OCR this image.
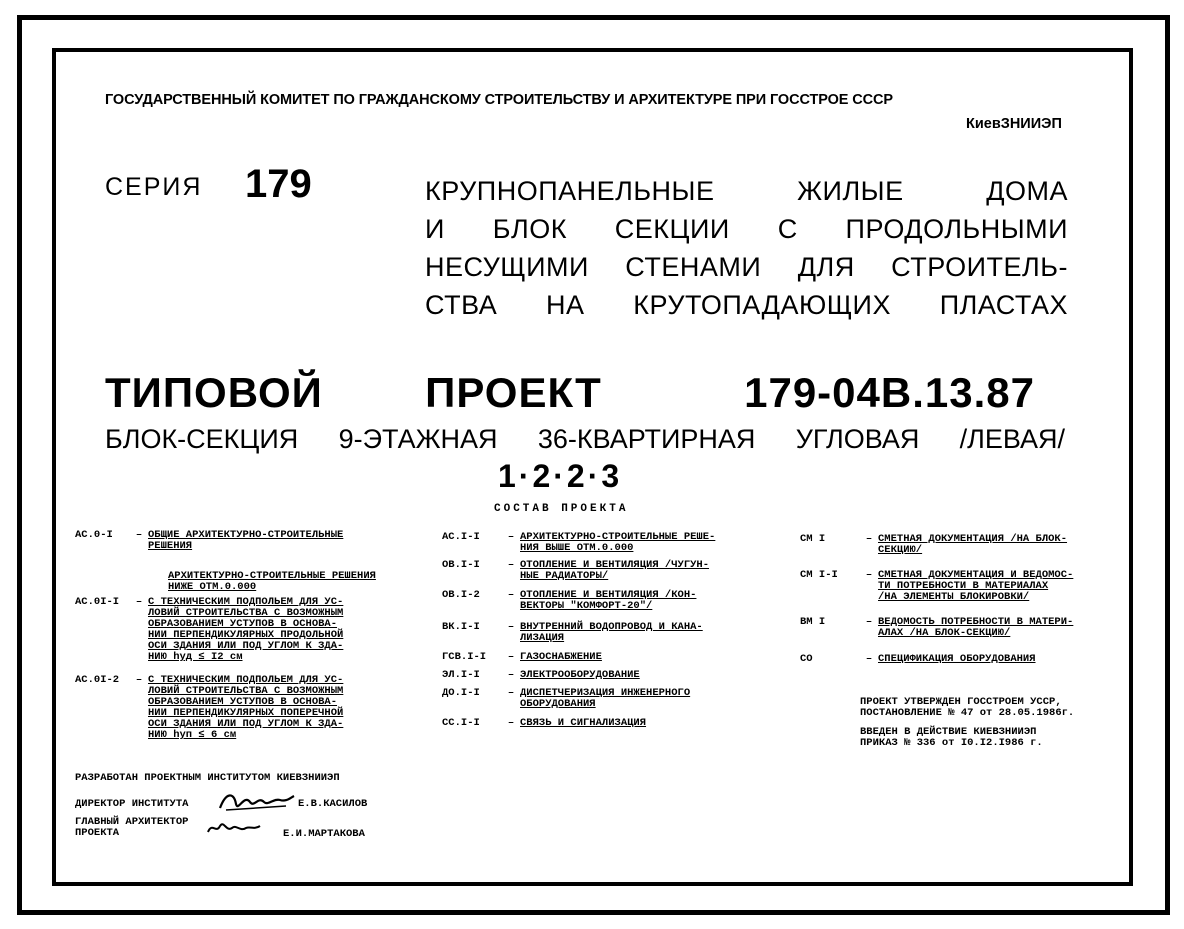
ГОСУДАРСТВЕННЫЙ КОМИТЕТ ПО ГРАЖДАНСКОМУ СТРОИТЕЛЬСТВУ И АРХИТЕКТУРЕ ПРИ ГОССТРОЕ СССР
КиевЗНИИЭП
СЕРИЯ 179	КРУПНОПАНЕЛЬНЫЕ	ЖИЛЫЕ	ДОМА
И БЛОК СЕКЦИИ С ПРОДОЛЬНЫМИ
НЕСУЩИМИ СТЕНАМИ ДЛЯ СТРОИТЕЛЬ-
СТВА НА КРУТОПАДАЮЩИХ ПЛАСТАХ
ТИПОВОЙ ПРОЕКТ	179-04В.13.87
БЛОК-СЕКЦИЯ 9-ЭТАЖНАЯ 36-КВАРТИРНАЯ УГЛОВАЯ /ЛЕВАЯ/
1·2·2·3
СОСТАВ ПРОЕКТА
АС.0-I	– ОБЩИЕ АРХИТЕКТУРНО-СТРОИТЕЛЬНЫЕ
РЕШЕНИЯ
АРХИТЕКТУРНО-СТРОИТЕЛЬНЫЕ РЕШЕНИЯ
НИЖЕ ОТМ.0.000
АС.0I-I	– С ТЕХНИЧЕСКИМ ПОДПОЛЬЕМ ДЛЯ УС-
ЛОВИЙ СТРОИТЕЛЬСТВА С ВОЗМОЖНЫМ
ОБРАЗОВАНИЕМ УСТУПОВ В ОСНОВА-
НИИ ПЕРПЕНДИКУЛЯРНЫХ ПРОДОЛЬНОЙ
ОСИ ЗДАНИЯ ИЛИ ПОД УГЛОМ К ЗДА-
НИЮ hуд ≤ I2 см
АС.0I-2	– С ТЕХНИЧЕСКИМ ПОДПОЛЬЕМ ДЛЯ УС-
ЛОВИЙ СТРОИТЕЛЬСТВА С ВОЗМОЖНЫМ
ОБРАЗОВАНИЕМ УСТУПОВ В ОСНОВА-
НИИ ПЕРПЕНДИКУЛЯРНЫХ ПОПЕРЕЧНОЙ
ОСИ ЗДАНИЯ ИЛИ ПОД УГЛОМ К ЗДА-
НИЮ hуп ≤ 6 см
АС.I-I	– АРХИТЕКТУРНО-СТРОИТЕЛЬНЫЕ РЕШЕ-
НИЯ ВЫШЕ ОТМ.0.000
ОВ.I-I	– ОТОПЛЕНИЕ И ВЕНТИЛЯЦИЯ /ЧУГУН-
НЫЕ РАДИАТОРЫ/
ОВ.I-2	– ОТОПЛЕНИЕ И ВЕНТИЛЯЦИЯ /КОН-
ВЕКТОРЫ "КОМФОРТ-20"/
ВК.I-I	– ВНУТРЕННИЙ ВОДОПРОВОД И КАНА-
ЛИЗАЦИЯ
ГСВ.I-I	– ГАЗОСНАБЖЕНИЕ
ЭЛ.I-I	– ЭЛЕКТРООБОРУДОВАНИЕ
ДО.I-I	– ДИСПЕТЧЕРИЗАЦИЯ ИНЖЕНЕРНОГО
ОБОРУДОВАНИЯ
СС.I-I	– СВЯЗЬ И СИГНАЛИЗАЦИЯ
СМ I	– СМЕТНАЯ ДОКУМЕНТАЦИЯ /НА БЛОК-
СЕКЦИЮ/
СМ I-I	– СМЕТНАЯ ДОКУМЕНТАЦИЯ И ВЕДОМОС-
ТИ ПОТРЕБНОСТИ В МАТЕРИАЛАХ
/НА ЭЛЕМЕНТЫ БЛОКИРОВКИ/
ВМ I	– ВЕДОМОСТЬ ПОТРЕБНОСТИ В МАТЕРИ-
АЛАХ /НА БЛОК-СЕКЦИЮ/
СО	– СПЕЦИФИКАЦИЯ ОБОРУДОВАНИЯ
ПРОЕКТ УТВЕРЖДЕН ГОССТРОЕМ УССР,
ПОСТАНОВЛЕНИЕ № 47 от 28.05.1986г.
ВВЕДЕН В ДЕЙСТВИЕ КИЕВЗНИИЭП
ПРИКАЗ № 336 от I0.I2.I986 г.
РАЗРАБОТАН ПРОЕКТНЫМ ИНСТИТУТОМ КИЕВЗНИИЭП
ДИРЕКТОР ИНСТИТУТА	Е.В.КАСИЛОВ
ГЛАВНЫЙ АРХИТЕКТОР
ПРОЕКТА	Е.И.МАРТАКОВА
